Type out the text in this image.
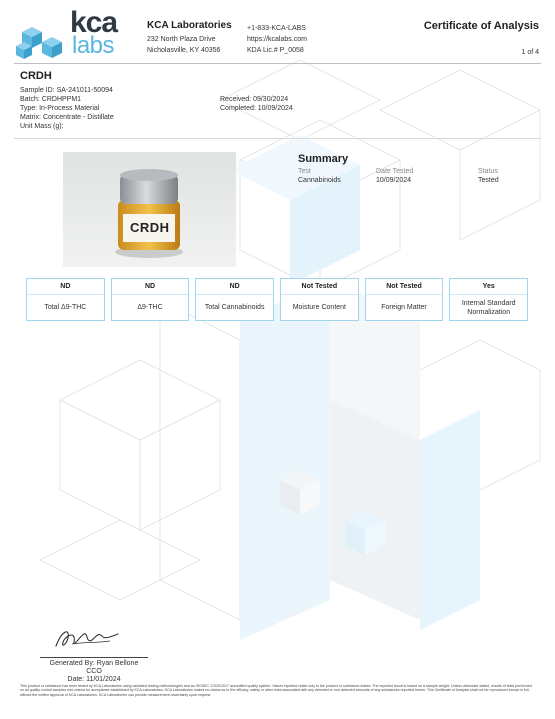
kca
labs
KCA Laboratories
232 North Plaza Drive
Nicholasville, KY 40356
+1-833-KCA-LABS
https://kcalabs.com
KDA Lic.# P_0058
Certificate of Analysis
1 of 4
CRDH
Sample ID: SA-241011-50094
Batch: CRDHPPM1
Type: In-Process Material
Matrix: Concentrate - Distillate
Unit Mass (g):
Received: 09/30/2024
Completed: 10/09/2024
CRDH
Summary
Test
Cannabinoids
Date Tested
10/09/2024
Status
Tested
ND
Total Δ9-THC
ND
Δ9-THC
ND
Total Cannabinoids
Not Tested
Moisture Content
Not Tested
Foreign Matter
Yes
Internal Standard Normalization
Generated By: Ryan Bellone
CCO
Date: 11/01/2024
This product or substance has been tested by KCA Laboratories using validated testing methodologies and an ISO/IEC 17025:2017 accredited quality system. Values reported relate only to the product or substance tested. The reported result is based on a sample weight. Unless otherwise stated, results of tests performed on all quality control samples met criteria for acceptance established by KCA Laboratories. KCA Laboratories makes no claims as to the efficacy, safety or other risks associated with any detected or non-detected amounts of any substances reported herein. This Certificate of Analysis shall not be reproduced except in full, without the written approval of KCA Laboratories. KCA Laboratories can provide measurement uncertainty upon request.
